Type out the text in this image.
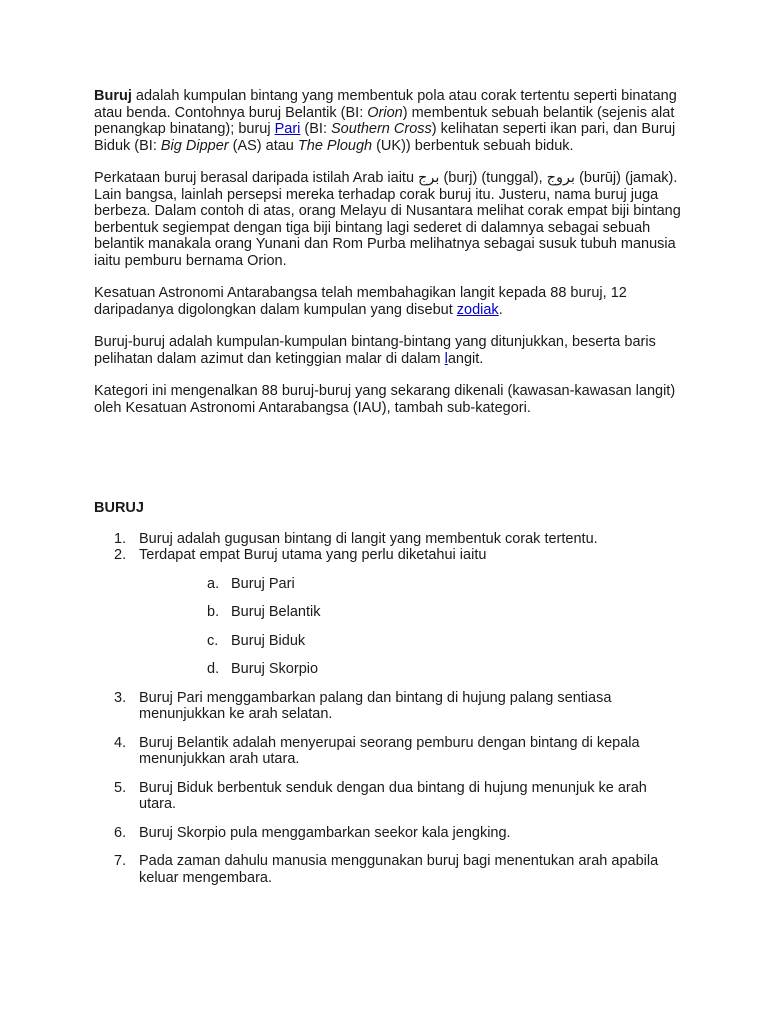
Buruj adalah kumpulan bintang yang membentuk pola atau corak tertentu seperti binatang atau benda. Contohnya buruj Belantik (BI: Orion) membentuk sebuah belantik (sejenis alat penangkap binatang); buruj Pari (BI: Southern Cross) kelihatan seperti ikan pari, dan Buruj Biduk (BI: Big Dipper (AS) atau The Plough (UK)) berbentuk sebuah biduk.

Perkataan buruj berasal daripada istilah Arab iaitu برج (burj) (tunggal), بروج (burūj) (jamak). Lain bangsa, lainlah persepsi mereka terhadap corak buruj itu. Justeru, nama buruj juga berbeza. Dalam contoh di atas, orang Melayu di Nusantara melihat corak empat biji bintang berbentuk segiempat dengan tiga biji bintang lagi sederet di dalamnya sebagai sebuah belantik manakala orang Yunani dan Rom Purba melihatnya sebagai susuk tubuh manusia iaitu pemburu bernama Orion.

Kesatuan Astronomi Antarabangsa telah membahagikan langit kepada 88 buruj, 12 daripadanya digolongkan dalam kumpulan yang disebut zodiak.

Buruj-buruj adalah kumpulan-kumpulan bintang-bintang yang ditunjukkan, beserta baris pelihatan dalam azimut dan ketinggian malar di dalam langit.

Kategori ini mengenalkan 88 buruj-buruj yang sekarang dikenali (kawasan-kawasan langit) oleh Kesatuan Astronomi Antarabangsa (IAU), tambah sub-kategori.

BURUJ
1. Buruj adalah gugusan bintang di langit yang membentuk corak tertentu.
2. Terdapat empat Buruj utama yang perlu diketahui iaitu
a. Buruj Pari
b. Buruj Belantik
c. Buruj Biduk
d. Buruj Skorpio
3. Buruj Pari menggambarkan palang dan bintang di hujung palang sentiasa menunjukkan ke arah selatan.
4. Buruj Belantik adalah menyerupai seorang pemburu dengan bintang di kepala menunjukkan arah utara.
5. Buruj Biduk berbentuk senduk dengan dua bintang di hujung menunjuk ke arah utara.
6. Buruj Skorpio pula menggambarkan seekor kala jengking.
7. Pada zaman dahulu manusia menggunakan buruj bagi menentukan arah apabila keluar mengembara.
